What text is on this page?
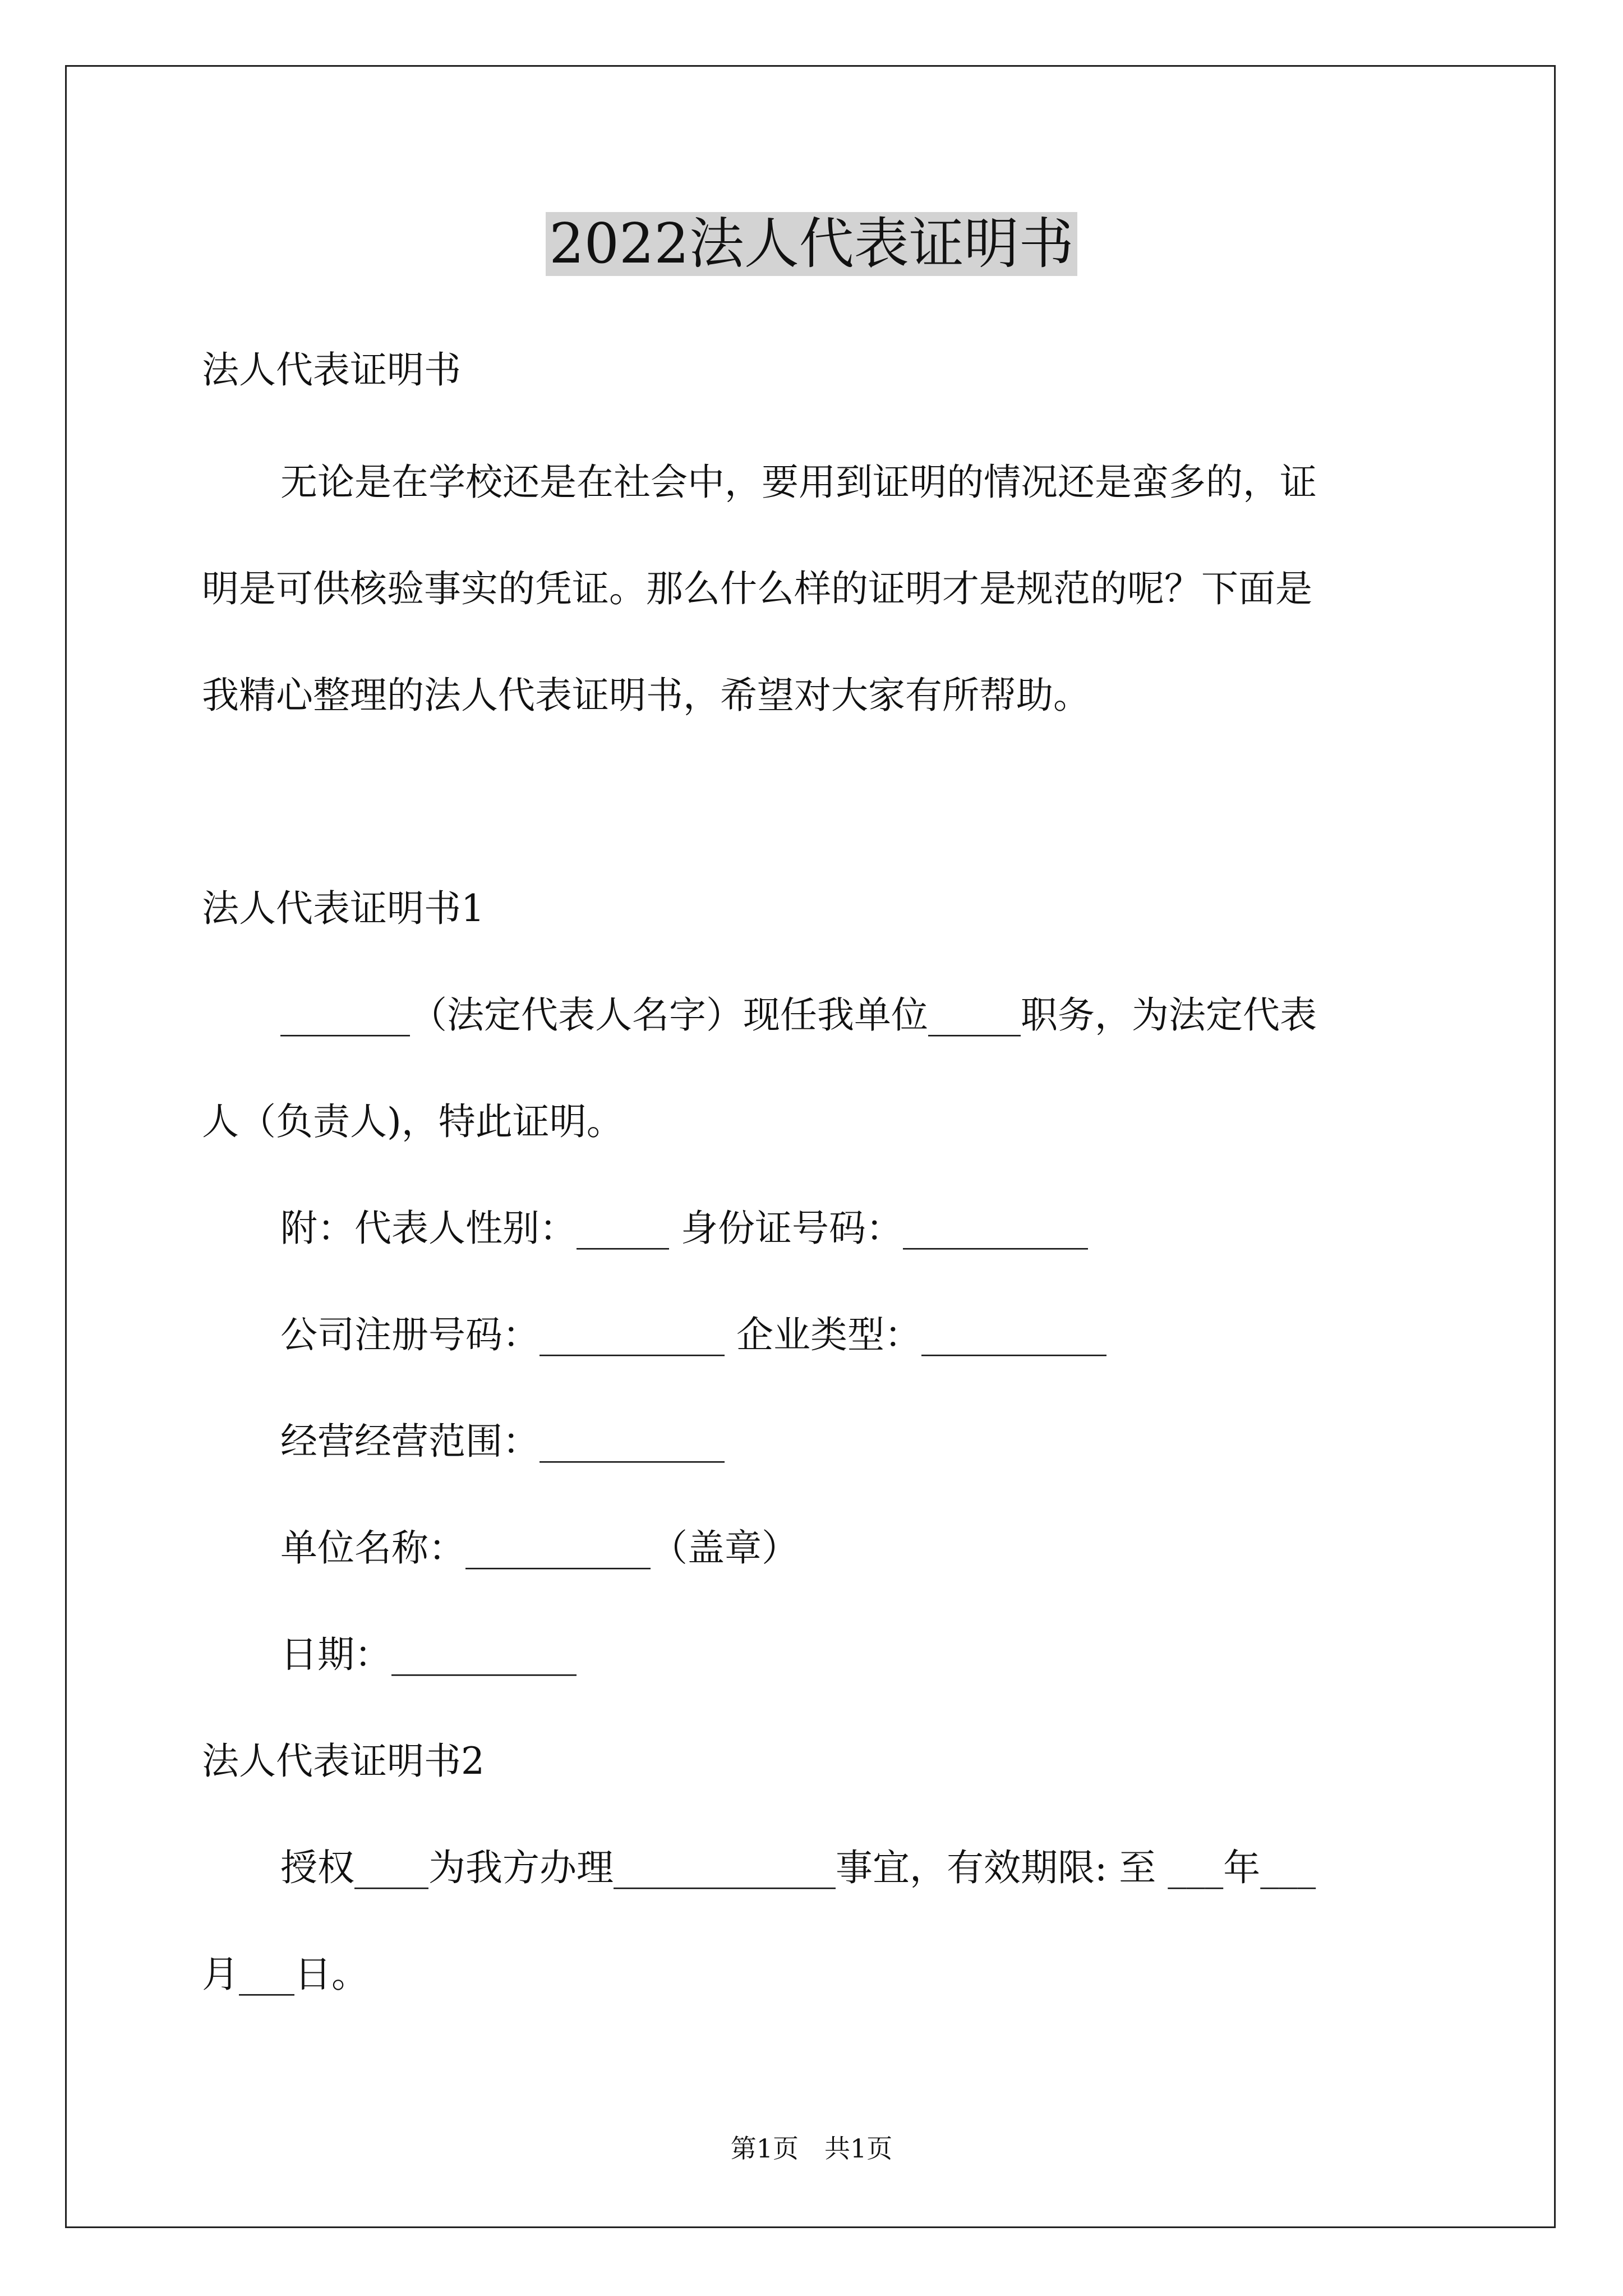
2022法人代表证明书
法人代表证明书
无论是在学校还是在社会中，要用到证明的情况还是蛮多的，证
明是可供核验事实的凭证。那么什么样的证明才是规范的呢？下面是
我精心整理的法人代表证明书，希望对大家有所帮助。
法人代表证明书1
_______（法定代表人名字）现任我单位_____职务，为法定代表
人（负责人)，特此证明。
附：代表人性别：_____ 身份证号码：__________
公司注册号码：__________ 企业类型：__________
经营经营范围：__________
单位名称：__________（盖章）
日期：__________
法人代表证明书2
授权____为我方办理____________事宜，有效期限: 至 ___年___
月___日。
第1页　共1页
